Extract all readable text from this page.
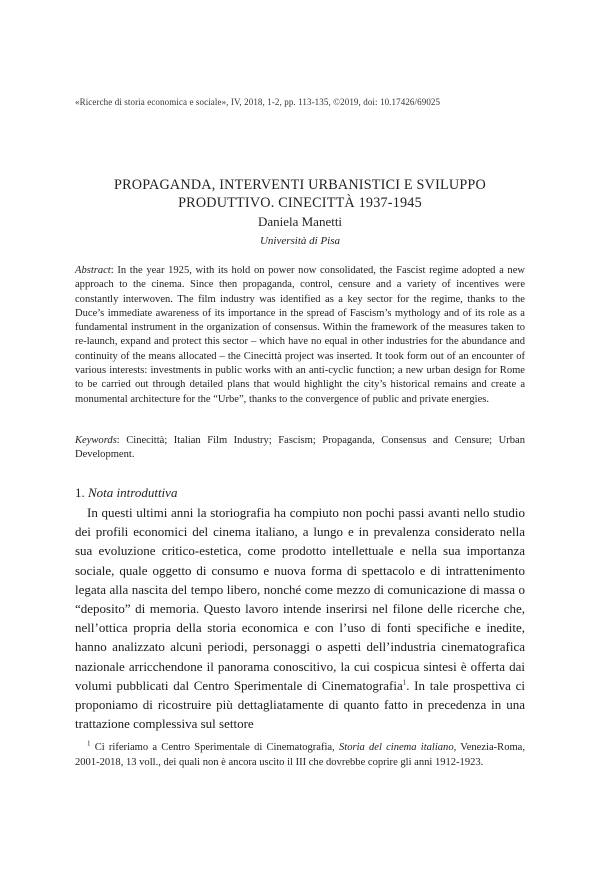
«Ricerche di storia economica e sociale», IV, 2018, 1-2, pp. 113-135, ©2019, doi: 10.17426/69025
PROPAGANDA, INTERVENTI URBANISTICI E SVILUPPO
PRODUTTIVO. CINECITTÀ 1937-1945
Daniela Manetti
Università di Pisa
Abstract: In the year 1925, with its hold on power now consolidated, the Fascist regime adopted a new approach to the cinema. Since then propaganda, control, censure and a variety of incentives were constantly interwoven. The film industry was identified as a key sector for the regime, thanks to the Duce’s immediate awareness of its importance in the spread of Fascism’s mythology and of its role as a fundamental instrument in the organization of consensus. Within the framework of the measures taken to re-launch, expand and protect this sector – which have no equal in other industries for the abundance and continuity of the means allocated – the Cinecittà project was inserted. It took form out of an encounter of various interests: investments in public works with an anti-cyclic function; a new urban design for Rome to be carried out through detailed plans that would highlight the city’s historical remains and create a monumental architecture for the “Urbe”, thanks to the convergence of public and private energies.
Keywords: Cinecittà; Italian Film Industry; Fascism; Propaganda, Consensus and Censure; Urban Development.
1. Nota introduttiva
In questi ultimi anni la storiografia ha compiuto non pochi passi avanti nello studio dei profili economici del cinema italiano, a lungo e in prevalenza considerato nella sua evoluzione critico-estetica, come prodotto intellettuale e nella sua importanza sociale, quale oggetto di consumo e nuova forma di spettacolo e di intrattenimento legata alla nascita del tempo libero, nonché come mezzo di comunicazione di massa o “deposito” di memoria. Questo lavoro intende inserirsi nel filone delle ricerche che, nell’ottica propria della storia economica e con l’uso di fonti specifiche e inedite, hanno analizzato alcuni periodi, personaggi o aspetti dell’industria cinematografica nazionale arricchendone il panorama conoscitivo, la cui cospicua sintesi è offerta dai volumi pubblicati dal Centro Sperimentale di Cinematografia$^1$. In tale prospettiva ci proponiamo di ricostruire più dettagliatamente di quanto fatto in precedenza in una trattazione complessiva sul settore
$^1$ Ci riferiamo a Centro Sperimentale di Cinematografia, Storia del cinema italiano, Venezia-Roma, 2001-2018, 13 voll., dei quali non è ancora uscito il III che dovrebbe coprire gli anni 1912-1923.
